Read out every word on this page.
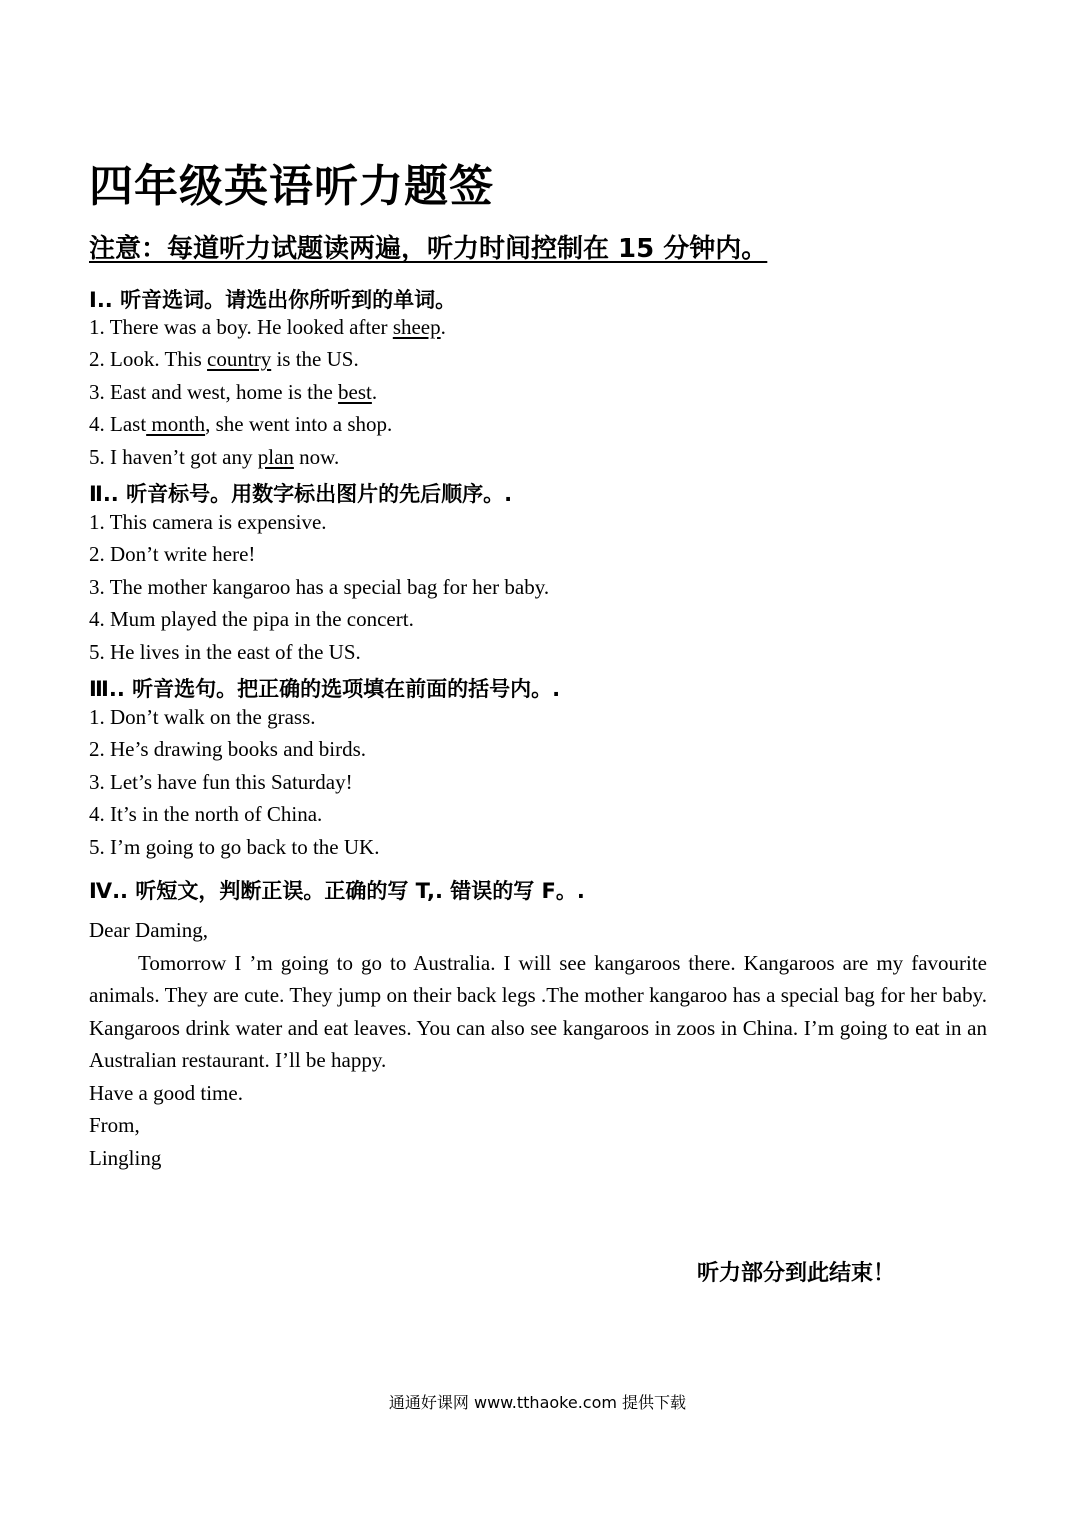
四年级英语听力题签

注意：每道听力试题读两遍，听力时间控制在 15 分钟内。

Ⅰ.. 听音选词。请选出你所听到的单词。

1. There was a boy. He looked after sheep.

2. Look. This country is the US.

3. East and west, home is the best.

4. Last month, she went into a shop.

5. I haven’t got any plan now.

Ⅱ.. 听音标号。用数字标出图片的先后顺序。.

1. This camera is expensive.

2. Don’t write here!

3. The mother kangaroo has a special bag for her baby.

4. Mum played the pipa in the concert.

5. He lives in the east of the US.

Ⅲ.. 听音选句。把正确的选项填在前面的括号内。.

1. Don’t walk on the grass.

2. He’s drawing books and birds.

3. Let’s have fun this Saturday!

4. It’s in the north of China.

5. I’m going to go back to the UK.

Ⅳ.. 听短文，判断正误。正确的写 T,. 错误的写 F。.

Dear Daming,

Tomorrow I ’m going to go to Australia. I will see kangaroos there. Kangaroos are my favourite animals. They are cute. They jump on their back legs .The mother kangaroo has a special bag for her baby. Kangaroos drink water and eat leaves. You can also see kangaroos in zoos in China. I’m going to eat in an Australian restaurant. I’ll be happy.

Have a good time.

From,

Lingling

听力部分到此结束！

通通好课网 www.tthaoke.com 提供下载
